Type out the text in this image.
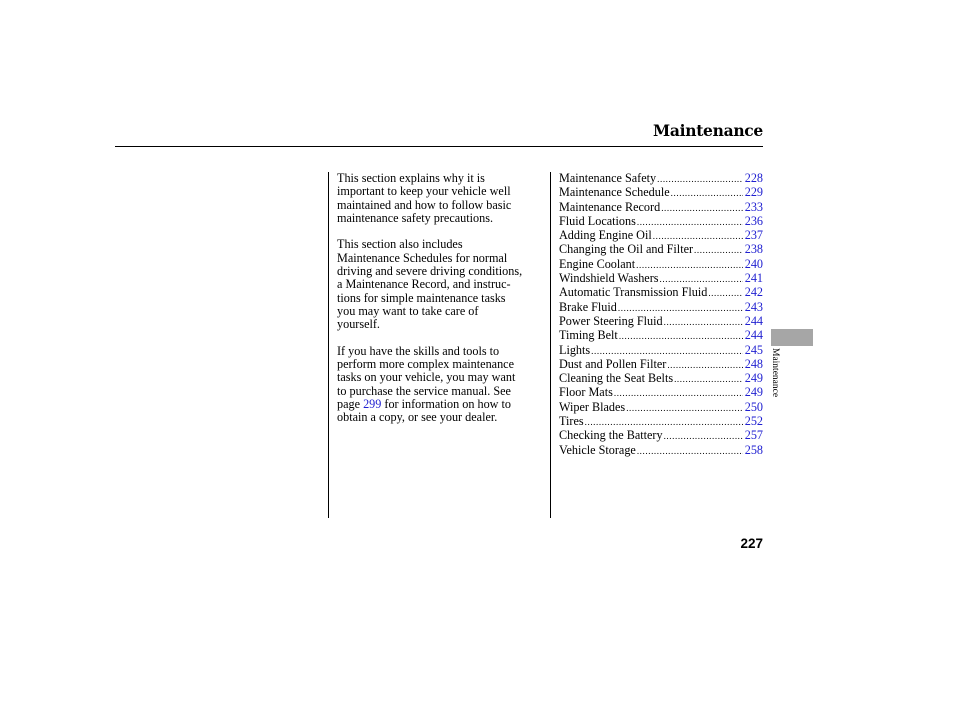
Maintenance

This section explains why it is
important to keep your vehicle well
maintained and how to follow basic
maintenance safety precautions.

This section also includes
Maintenance Schedules for normal
driving and severe driving conditions,
a Maintenance Record, and instruc-
tions for simple maintenance tasks
you may want to take care of
yourself.

If you have the skills and tools to
perform more complex maintenance
tasks on your vehicle, you may want
to purchase the service manual. See
page 299 for information on how to
obtain a copy, or see your dealer.

Maintenance Safety .....	228
Maintenance Schedule .....	229
Maintenance Record .....	233
Fluid Locations .....	236
Adding Engine Oil .....	237
Changing the Oil and Filter .....	238
Engine Coolant .....	240
Windshield Washers .....	241
Automatic Transmission Fluid .....	242
Brake Fluid .....	243
Power Steering Fluid .....	244
Timing Belt .....	244
Lights .....	245
Dust and Pollen Filter .....	248
Cleaning the Seat Belts .....	249
Floor Mats .....	249
Wiper Blades .....	250
Tires .....	252
Checking the Battery .....	257
Vehicle Storage .....	258
Maintenance
227
